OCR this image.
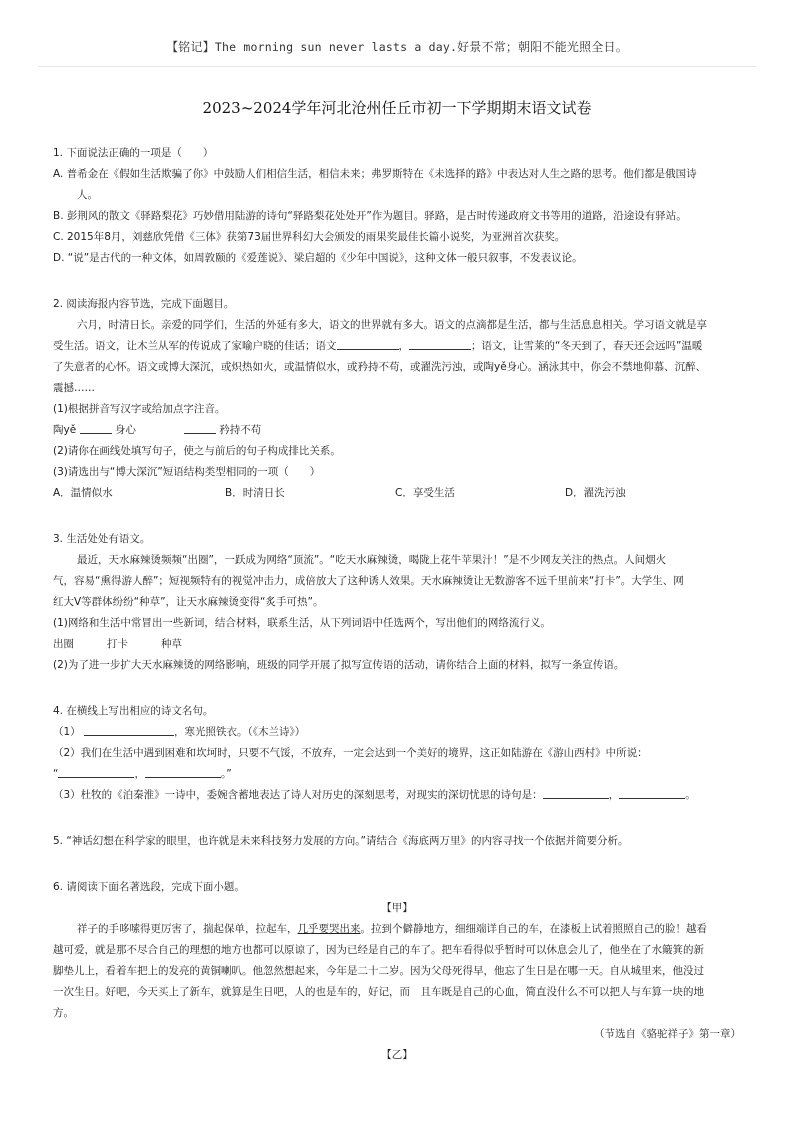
【铭记】The morning sun never lasts a day.好景不常；朝阳不能光照全日。
2023~2024学年河北沧州任丘市初一下学期期末语文试卷
1. 下面说法正确的一项是（　　）
A. 普希金在《假如生活欺骗了你》中鼓励人们相信生活，相信未来；弗罗斯特在《未选择的路》中表达对人生之路的思考。他们都是俄国诗
人。
B. 彭荆风的散文《驿路梨花》巧妙借用陆游的诗句“驿路梨花处处开”作为题目。驿路，是古时传递政府文书等用的道路，沿途设有驿站。
C. 2015年8月，刘慈欣凭借《三体》获第73届世界科幻大会颁发的雨果奖最佳长篇小说奖，为亚洲首次获奖。
D. “说”是古代的一种文体，如周敦颐的《爱莲说》、梁启超的《少年中国说》，这种文体一般只叙事，不发表议论。
2. 阅读海报内容节选，完成下面题目。
六月，时清日长。亲爱的同学们，生活的外延有多大，语文的世界就有多大。语文的点滴都是生活，都与生活息息相关。学习语文就是享
受生活。语文，让木兰从军的传说成了家喻户晓的佳话；语文	，	；语文，让雪莱的“冬天到了，春天还会远吗”温暖
了失意者的心怀。语文或博大深沉，或炽热如火，或温情似水，或矜持不苟，或濯洗污浊，或陶yě身心。涵泳其中，你会不禁地仰慕、沉醉、
震撼……
(1)根据拼音写汉字或给加点字注音。
陶yě	身心	矜持不苟
(2)请你在画线处填写句子，使之与前后的句子构成排比关系。
(3)请选出与“博大深沉”短语结构类型相同的一项（　　）
A．温情似水	B．时清日长	C．享受生活	D．濯洗污浊
3. 生活处处有语文。
最近，天水麻辣烫频频“出圈”，一跃成为网络“顶流”。“吃天水麻辣烫，喝陇上花牛苹果汁！”是不少网友关注的热点。人间烟火
气，容易“熏得游人醉”；短视频特有的视觉冲击力，成倍放大了这种诱人效果。天水麻辣烫让无数游客不远千里前来“打卡”。大学生、网
红大V等群体纷纷“种草”，让天水麻辣烫变得“炙手可热”。
(1)网络和生活中常冒出一些新词，结合材料，联系生活，从下列词语中任选两个，写出他们的网络流行义。
出圈	打卡	种草
(2)为了进一步扩大天水麻辣烫的网络影响，班级的同学开展了拟写宣传语的活动，请你结合上面的材料，拟写一条宣传语。
4. 在横线上写出相应的诗文名句。
（1）	，寒光照铁衣。（《木兰诗》）
（2）我们在生活中遇到困难和坎坷时，只要不气馁，不放弃，一定会达到一个美好的境界，这正如陆游在《游山西村》中所说：
“	，	。”
（3）杜牧的《泊秦淮》一诗中，委婉含蓄地表达了诗人对历史的深刻思考，对现实的深切忧思的诗句是：	，	。
5. “神话幻想在科学家的眼里，也许就是未来科技努力发展的方向。”请结合《海底两万里》的内容寻找一个依据并简要分析。
6. 请阅读下面名著选段，完成下面小题。
【甲】
祥子的手哆嗦得更厉害了，揣起保单，拉起车，几乎要哭出来。拉到个僻静地方，细细端详自己的车，在漆板上试着照照自己的脸！越看
越可爱，就是那不尽合自己的理想的地方也都可以原谅了，因为已经是自己的车了。把车看得似乎暂时可以休息会儿了，他坐在了水簸箕的新
脚垫儿上，看着车把上的发亮的黄铜喇叭。他忽然想起来，今年是二十二岁。因为父母死得早，他忘了生日是在哪一天。自从城里来，他没过
一次生日。好吧，今天买上了新车，就算是生日吧，人的也是车的，好记，而　且车既是自己的心血，简直没什么不可以把人与车算一块的地
方。
（节选自《骆驼祥子》第一章）
【乙】
